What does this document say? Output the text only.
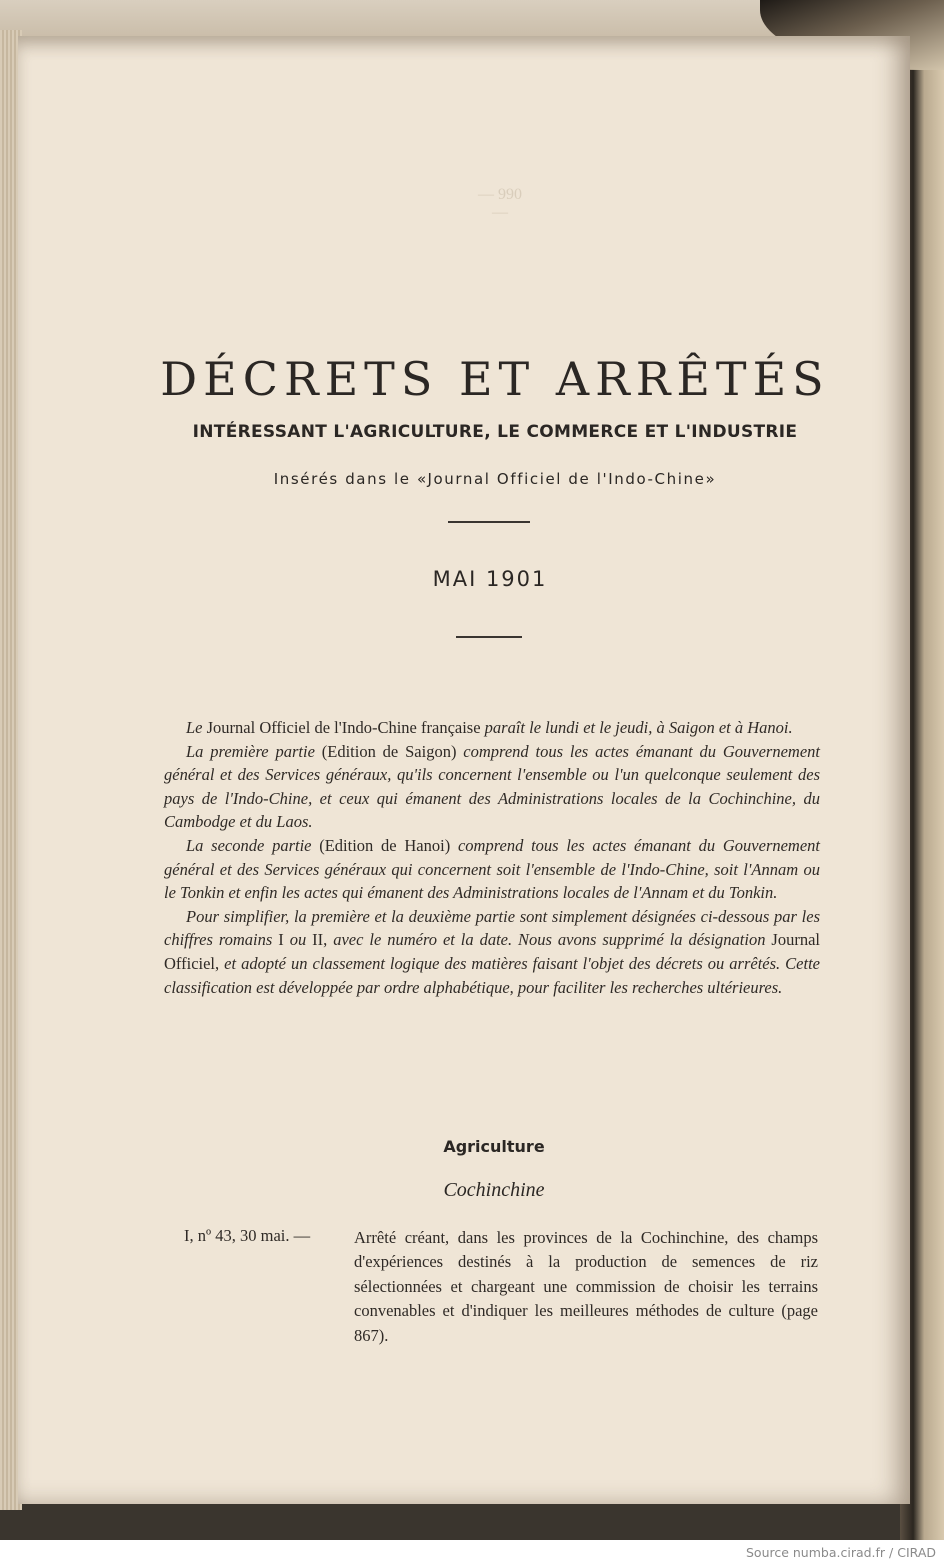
— 990 —
DÉCRETS ET ARRÊTÉS
INTÉRESSANT L'AGRICULTURE, LE COMMERCE ET L'INDUSTRIE
Insérés dans le «Journal Officiel de l'Indo-Chine»
MAI 1901

Le Journal Officiel de l'Indo-Chine française paraît le lundi et le jeudi, à Saigon et à Hanoi.

La première partie (Edition de Saigon) comprend tous les actes émanant du Gouvernement général et des Services généraux, qu'ils concernent l'ensemble ou l'un quelconque seulement des pays de l'Indo-Chine, et ceux qui émanent des Administrations locales de la Cochinchine, du Cambodge et du Laos.

La seconde partie (Edition de Hanoi) comprend tous les actes émanant du Gouvernement général et des Services généraux qui concernent soit l'ensemble de l'Indo-Chine, soit l'Annam ou le Tonkin et enfin les actes qui émanent des Administrations locales de l'Annam et du Tonkin.

Pour simplifier, la première et la deuxième partie sont simplement désignées ci-dessous par les chiffres romains I ou II, avec le numéro et la date. Nous avons supprimé la désignation Journal Officiel, et adopté un classement logique des matières faisant l'objet des décrets ou arrêtés. Cette classification est développée par ordre alphabétique, pour faciliter les recherches ultérieures.

Agriculture
Cochinchine
I, nº 43, 30 mai. —	Arrêté créant, dans les provinces de la Cochinchine, des champs d'expériences destinés à la production de semences de riz sélectionnées et chargeant une commission de choisir les terrains convenables et d'indiquer les meilleures méthodes de culture (page 867).
Source numba.cirad.fr / CIRAD
